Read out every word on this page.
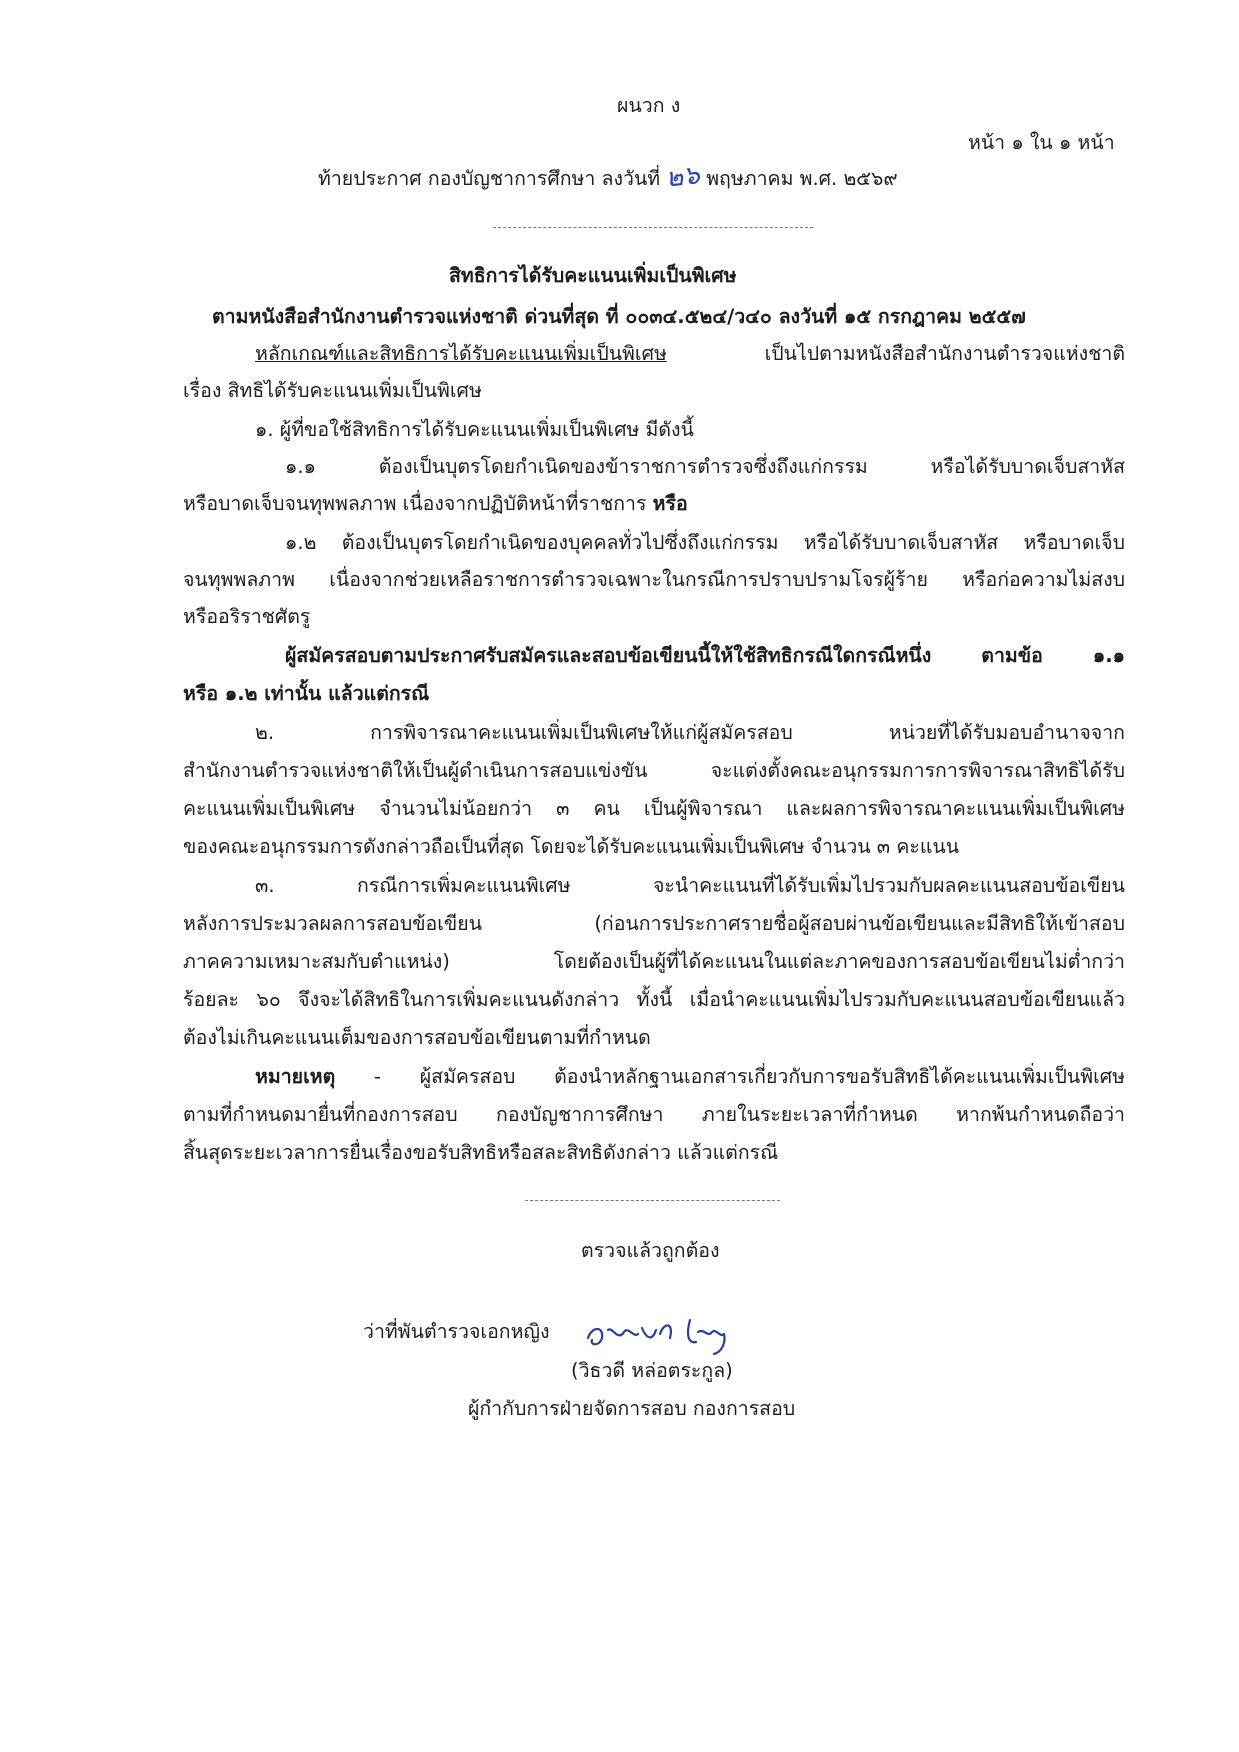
ผนวก ง

หน้า ๑ ใน ๑ หน้า

ท้ายประกาศ กองบัญชาการศึกษา ลงวันที่ ๒๖ พฤษภาคม พ.ศ. ๒๕๖๙

สิทธิการได้รับคะแนนเพิ่มเป็นพิเศษ

ตามหนังสือสำนักงานตำรวจแห่งชาติ ด่วนที่สุด ที่ ๐๐๓๔.๕๒๔/ว๔๐ ลงวันที่ ๑๕ กรกฎาคม ๒๕๕๗

หลักเกณฑ์และสิทธิการได้รับคะแนนเพิ่มเป็นพิเศษ เป็นไปตามหนังสือสำนักงานตำรวจแห่งชาติ

เรื่อง สิทธิได้รับคะแนนเพิ่มเป็นพิเศษ

๑. ผู้ที่ขอใช้สิทธิการได้รับคะแนนเพิ่มเป็นพิเศษ มีดังนี้

๑.๑ ต้องเป็นบุตรโดยกำเนิดของข้าราชการตำรวจซึ่งถึงแก่กรรม หรือได้รับบาดเจ็บสาหัส

หรือบาดเจ็บจนทุพพลภาพ เนื่องจากปฏิบัติหน้าที่ราชการ หรือ

๑.๒ ต้องเป็นบุตรโดยกำเนิดของบุคคลทั่วไปซึ่งถึงแก่กรรม หรือได้รับบาดเจ็บสาหัส หรือบาดเจ็บ

จนทุพพลภาพ เนื่องจากช่วยเหลือราชการตำรวจเฉพาะในกรณีการปราบปรามโจรผู้ร้าย หรือก่อความไม่สงบ

หรืออริราชศัตรู

ผู้สมัครสอบตามประกาศรับสมัครและสอบข้อเขียนนี้ให้ใช้สิทธิกรณีใดกรณีหนึ่ง ตามข้อ ๑.๑

หรือ ๑.๒ เท่านั้น แล้วแต่กรณี

๒. การพิจารณาคะแนนเพิ่มเป็นพิเศษให้แก่ผู้สมัครสอบ หน่วยที่ได้รับมอบอำนาจจาก

สำนักงานตำรวจแห่งชาติให้เป็นผู้ดำเนินการสอบแข่งขัน จะแต่งตั้งคณะอนุกรรมการการพิจารณาสิทธิได้รับ

คะแนนเพิ่มเป็นพิเศษ จำนวนไม่น้อยกว่า ๓ คน เป็นผู้พิจารณา และผลการพิจารณาคะแนนเพิ่มเป็นพิเศษ

ของคณะอนุกรรมการดังกล่าวถือเป็นที่สุด โดยจะได้รับคะแนนเพิ่มเป็นพิเศษ จำนวน ๓ คะแนน

๓. กรณีการเพิ่มคะแนนพิเศษ จะนำคะแนนที่ได้รับเพิ่มไปรวมกับผลคะแนนสอบข้อเขียน

หลังการประมวลผลการสอบข้อเขียน (ก่อนการประกาศรายชื่อผู้สอบผ่านข้อเขียนและมีสิทธิให้เข้าสอบ

ภาคความเหมาะสมกับตำแหน่ง) โดยต้องเป็นผู้ที่ได้คะแนนในแต่ละภาคของการสอบข้อเขียนไม่ต่ำกว่า

ร้อยละ ๖๐ จึงจะได้สิทธิในการเพิ่มคะแนนดังกล่าว ทั้งนี้ เมื่อนำคะแนนเพิ่มไปรวมกับคะแนนสอบข้อเขียนแล้ว

ต้องไม่เกินคะแนนเต็มของการสอบข้อเขียนตามที่กำหนด

หมายเหตุ - ผู้สมัครสอบ ต้องนำหลักฐานเอกสารเกี่ยวกับการขอรับสิทธิได้คะแนนเพิ่มเป็นพิเศษ

ตามที่กำหนดมายื่นที่กองการสอบ กองบัญชาการศึกษา ภายในระยะเวลาที่กำหนด หากพ้นกำหนดถือว่า

สิ้นสุดระยะเวลาการยื่นเรื่องขอรับสิทธิหรือสละสิทธิดังกล่าว แล้วแต่กรณี

ตรวจแล้วถูกต้อง

ว่าที่พันตำรวจเอกหญิง

(วิธวดี หล่อตระกูล)

ผู้กำกับการฝ่ายจัดการสอบ กองการสอบ
